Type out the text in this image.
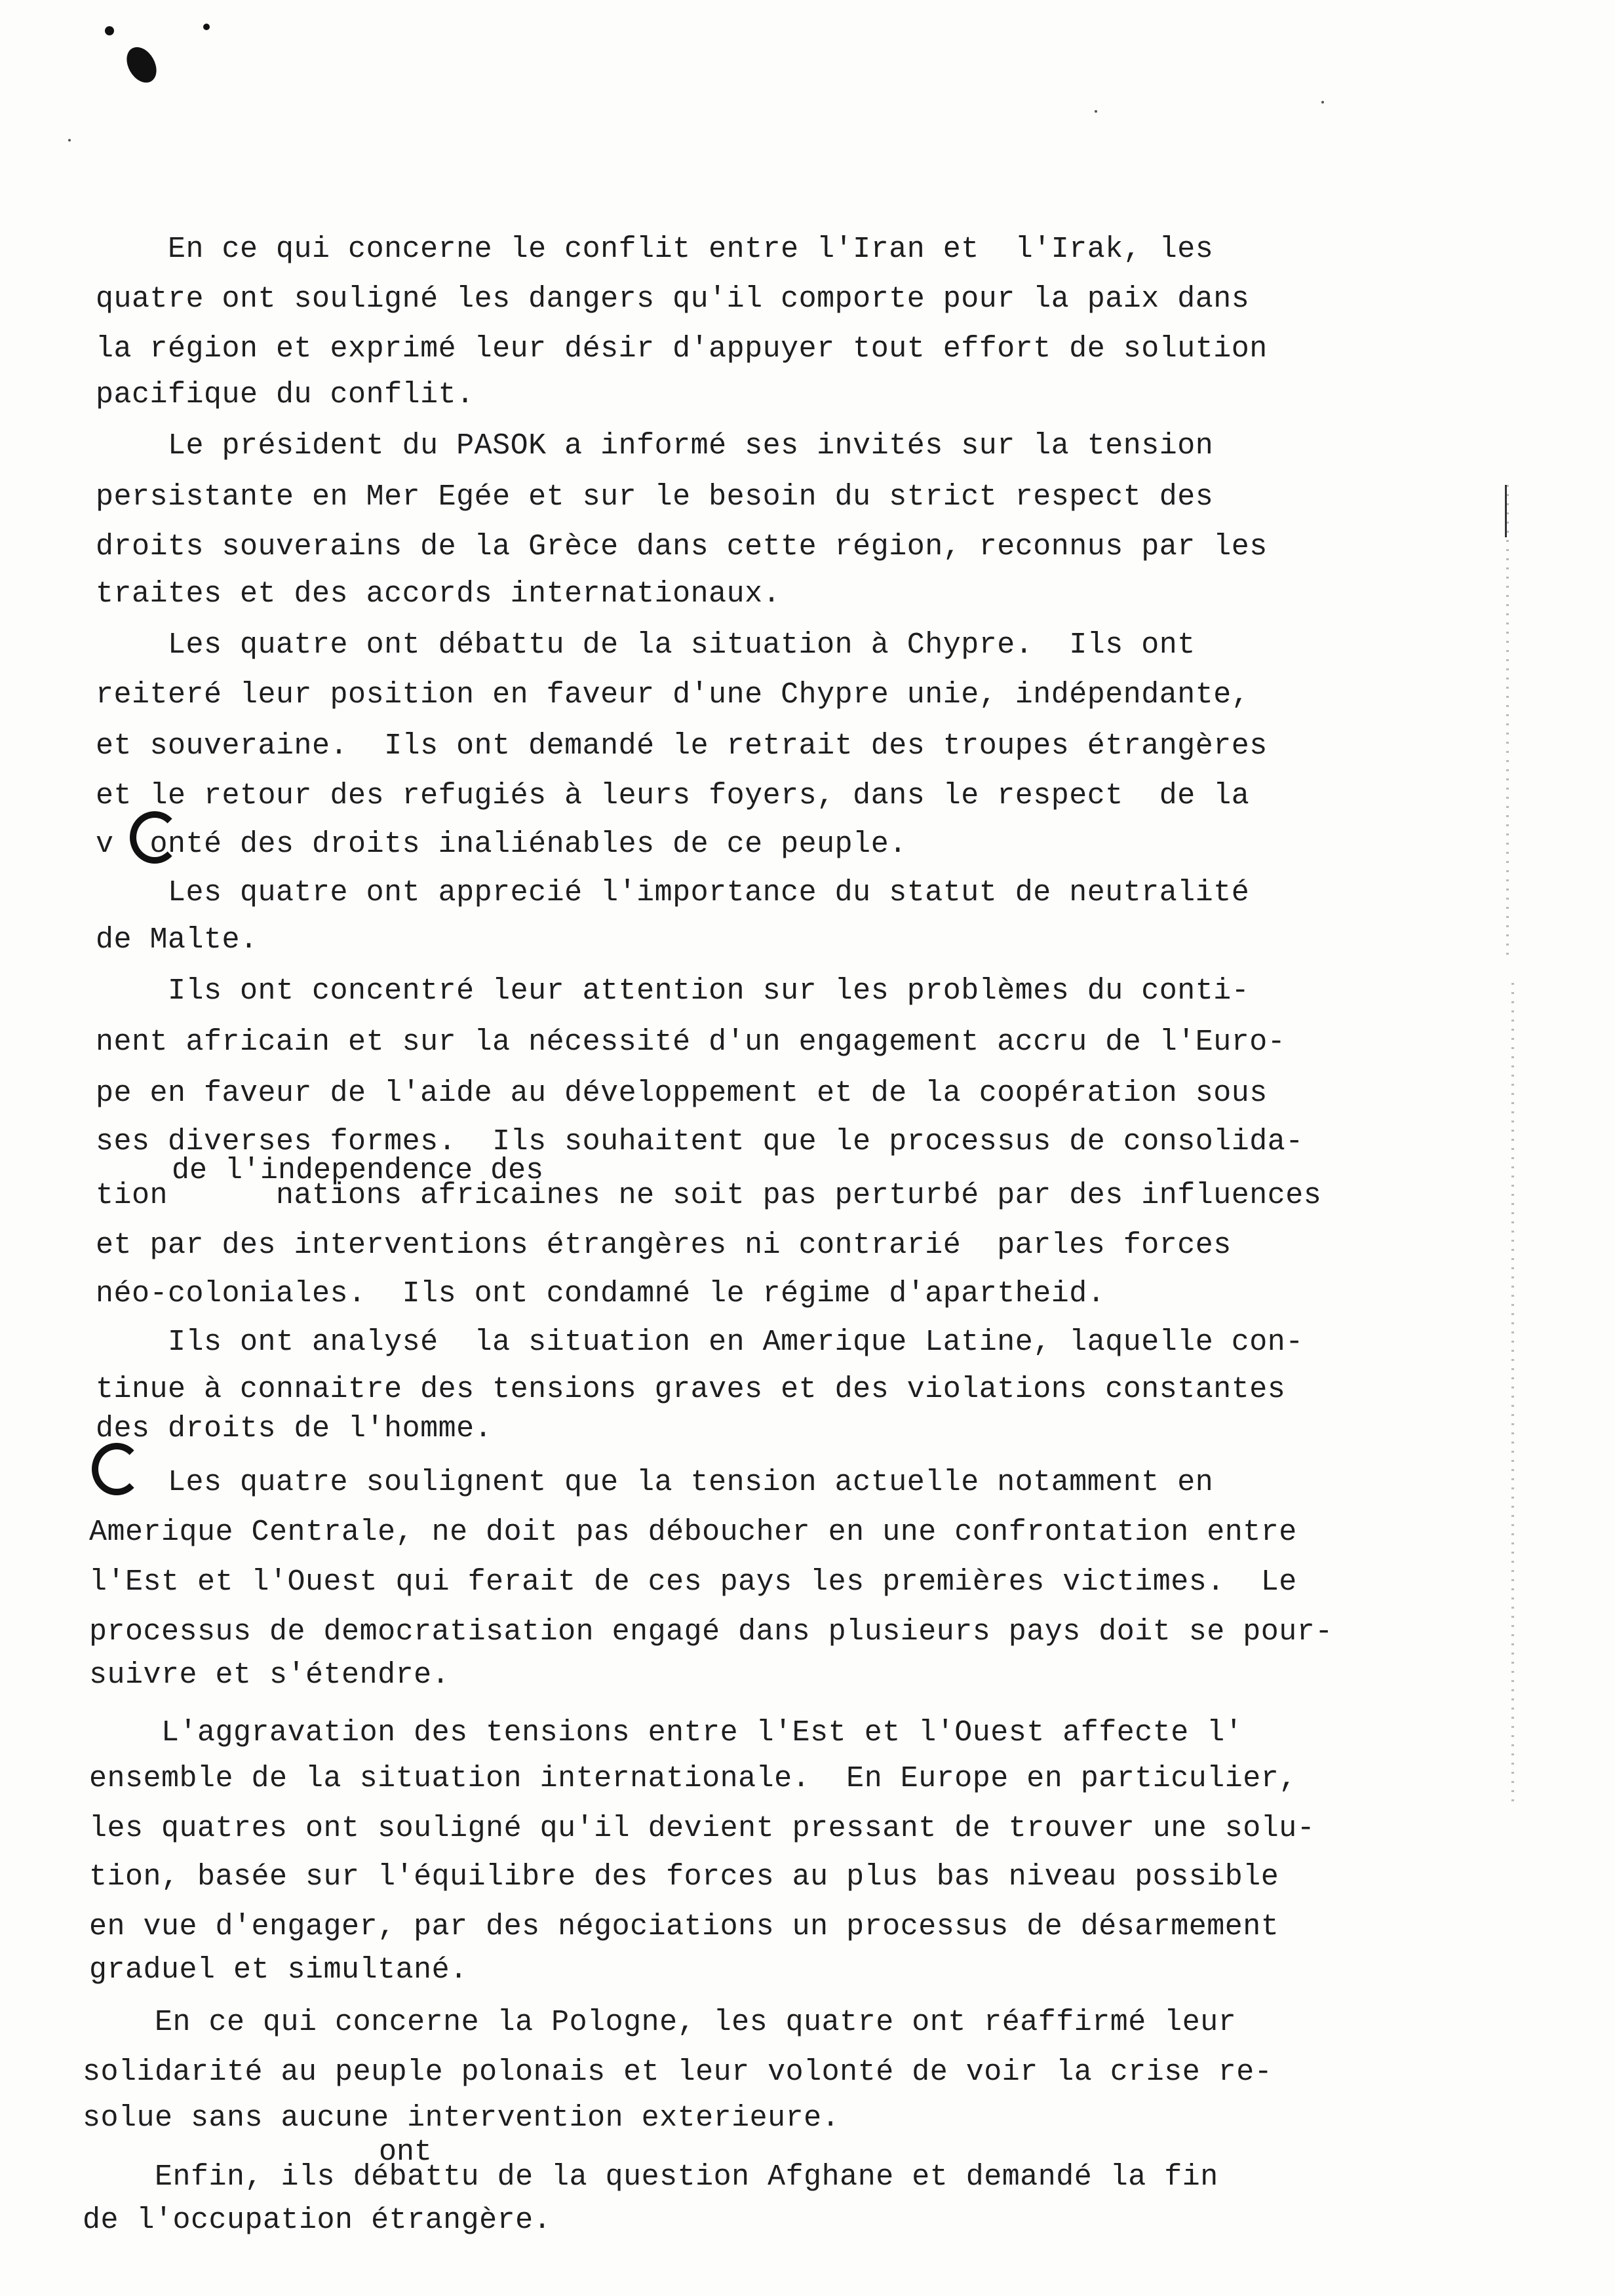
En ce qui concerne le conflit entre l'Iran et  l'Irak, les
quatre ont souligné les dangers qu'il comporte pour la paix dans
la région et exprimé leur désir d'appuyer tout effort de solution
pacifique du conflit.
Le président du PASOK a informé ses invités sur la tension
persistante en Mer Egée et sur le besoin du strict respect des
droits souverains de la Grèce dans cette région, reconnus par les
traites et des accords internationaux.
Les quatre ont débattu de la situation à Chypre.  Ils ont
reiteré leur position en faveur d'une Chypre unie, indépendante,
et souveraine.  Ils ont demandé le retrait des troupes étrangères
et le retour des refugiés à leurs foyers, dans le respect  de la
v  onté des droits inaliénables de ce peuple.
Les quatre ont apprecié l'importance du statut de neutralité
de Malte.
Ils ont concentré leur attention sur les problèmes du conti-
nent africain et sur la nécessité d'un engagement accru de l'Euro-
pe en faveur de l'aide au développement et de la coopération sous
ses diverses formes.  Ils souhaitent que le processus de consolida-
de l'independence des
tion      nations africaines ne soit pas perturbé par des influences
et par des interventions étrangères ni contrarié  parles forces
néo-coloniales.  Ils ont condamné le régime d'apartheid.
Ils ont analysé  la situation en Amerique Latine, laquelle con-
tinue à connaitre des tensions graves et des violations constantes
des droits de l'homme.
Les quatre soulignent que la tension actuelle notamment en
Amerique Centrale, ne doit pas déboucher en une confrontation entre
l'Est et l'Ouest qui ferait de ces pays les premières victimes.  Le
processus de democratisation engagé dans plusieurs pays doit se pour-
suivre et s'étendre.
L'aggravation des tensions entre l'Est et l'Ouest affecte l'
ensemble de la situation internationale.  En Europe en particulier,
les quatres ont souligné qu'il devient pressant de trouver une solu-
tion, basée sur l'équilibre des forces au plus bas niveau possible
en vue d'engager, par des négociations un processus de désarmement
graduel et simultané.
En ce qui concerne la Pologne, les quatre ont réaffirmé leur
solidarité au peuple polonais et leur volonté de voir la crise re-
solue sans aucune intervention exterieure.
ont
Enfin, ils débattu de la question Afghane et demandé la fin
de l'occupation étrangère.
